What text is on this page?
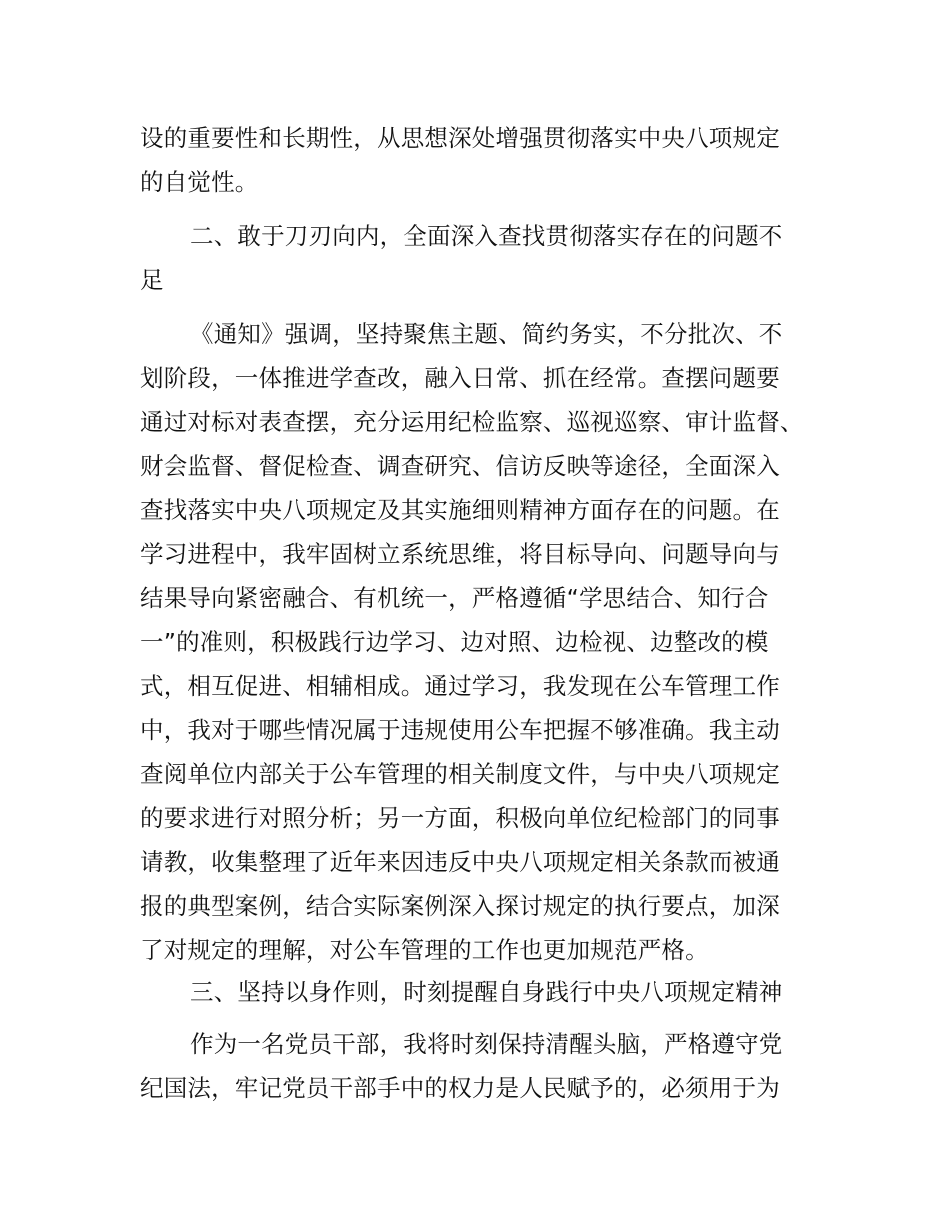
设的重要性和长期性，从思想深处增强贯彻落实中央八项规定
的自觉性。
二、敢于刀刃向内，全面深入查找贯彻落实存在的问题不
足
《通知》强调，坚持聚焦主题、简约务实，不分批次、不
划阶段，一体推进学查改，融入日常、抓在经常。查摆问题要
通过对标对表查摆，充分运用纪检监察、巡视巡察、审计监督、
财会监督、督促检查、调查研究、信访反映等途径，全面深入
查找落实中央八项规定及其实施细则精神方面存在的问题。在
学习进程中，我牢固树立系统思维，将目标导向、问题导向与
结果导向紧密融合、有机统一，严格遵循“学思结合、知行合
一”的准则，积极践行边学习、边对照、边检视、边整改的模
式，相互促进、相辅相成。通过学习，我发现在公车管理工作
中，我对于哪些情况属于违规使用公车把握不够准确。我主动
查阅单位内部关于公车管理的相关制度文件，与中央八项规定
的要求进行对照分析；另一方面，积极向单位纪检部门的同事
请教，收集整理了近年来因违反中央八项规定相关条款而被通
报的典型案例，结合实际案例深入探讨规定的执行要点，加深
了对规定的理解，对公车管理的工作也更加规范严格。
三、坚持以身作则，时刻提醒自身践行中央八项规定精神
作为一名党员干部，我将时刻保持清醒头脑，严格遵守党
纪国法，牢记党员干部手中的权力是人民赋予的，必须用于为
